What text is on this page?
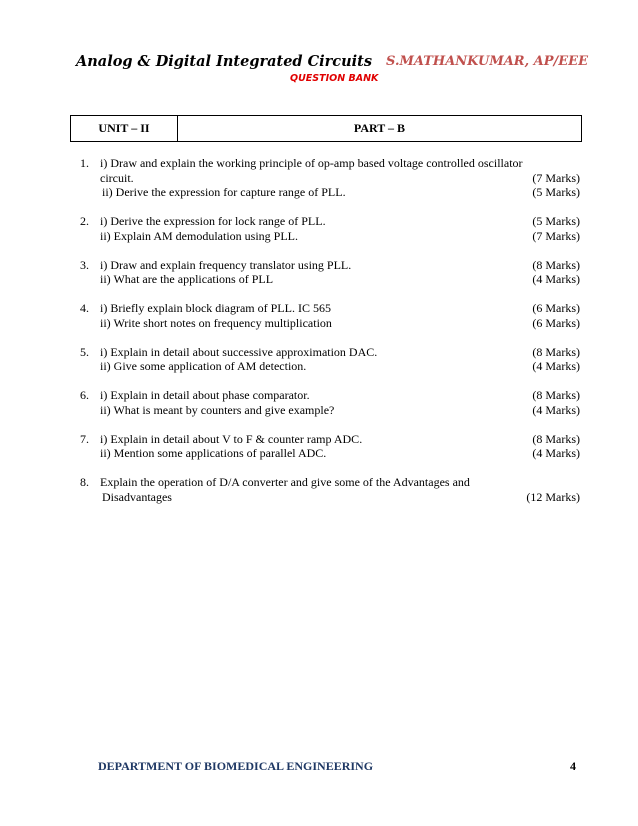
Analog & Digital Integrated Circuits S.MATHANKUMAR, AP/EEE
QUESTION BANK
UNIT – II	PART – B
1. i) Draw and explain the working principle of op-amp based voltage controlled oscillator
circuit.	(7 Marks)
ii) Derive the expression for capture range of PLL.	(5 Marks)
2. i) Derive the expression for lock range of PLL.	(5 Marks)
ii) Explain AM demodulation using PLL.	(7 Marks)
3. i) Draw and explain frequency translator using PLL.	(8 Marks)
ii) What are the applications of PLL	(4 Marks)
4. i) Briefly explain block diagram of PLL. IC 565	(6 Marks)
ii) Write short notes on frequency multiplication	(6 Marks)
5. i) Explain in detail about successive approximation DAC.	(8 Marks)
ii) Give some application of AM detection.	(4 Marks)
6. i) Explain in detail about phase comparator.	(8 Marks)
ii) What is meant by counters and give example?	(4 Marks)
7. i) Explain in detail about V to F & counter ramp ADC.	(8 Marks)
ii) Mention some applications of parallel ADC.	(4 Marks)
8. Explain the operation of D/A converter and give some of the Advantages and
Disadvantages	(12 Marks)
DEPARTMENT OF BIOMEDICAL ENGINEERING	4
